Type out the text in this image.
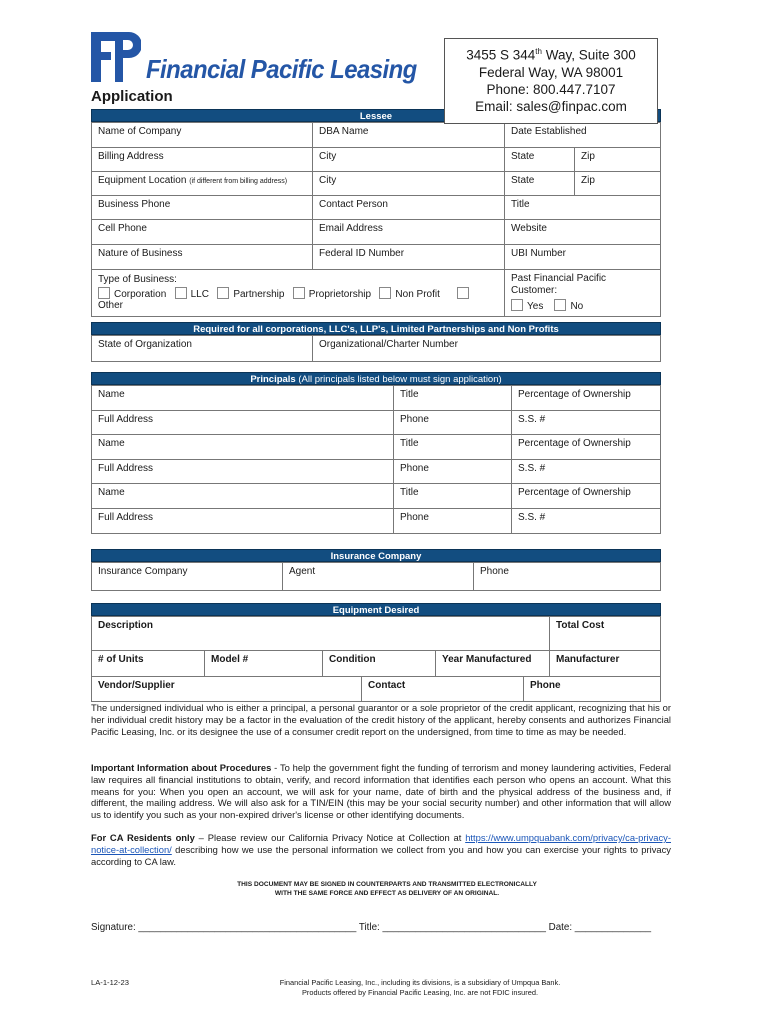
Financial Pacific Leasing
Application
3455 S 344th Way, Suite 300
Federal Way, WA 98001
Phone: 800.447.7107
Email: sales@finpac.com
Lessee
Name of Company	DBA Name	Date Established
Billing Address	City	State	Zip
Equipment Location (if different from billing address)	City	State	Zip
Business Phone	Contact Person	Title
Cell Phone	Email Address	Website
Nature of Business	Federal ID Number	UBI Number
Type of Business:
Corporation LLC Partnership Proprietorship Non Profit
Other
Past Financial Pacific Customer:
Yes	No
Required for all corporations, LLC's, LLP's, Limited Partnerships and Non Profits
State of Organization	Organizational/Charter Number
Principals (All principals listed below must sign application)
Name	Title	Percentage of Ownership
Full Address	Phone	S.S. #
Name	Title	Percentage of Ownership
Full Address	Phone	S.S. #
Name	Title	Percentage of Ownership
Full Address	Phone	S.S. #
Insurance Company
Insurance Company	Agent	Phone
Equipment Desired
Description	Total Cost
# of Units	Model #	Condition	Year Manufactured	Manufacturer
Vendor/Supplier	Contact	Phone
The undersigned individual who is either a principal, a personal guarantor or a sole proprietor of the credit applicant, recognizing that his or her individual credit history may be a factor in the evaluation of the credit history of the applicant, hereby consents and authorizes Financial Pacific Leasing, Inc. or its designee the use of a consumer credit report on the undersigned, from time to time as may be needed.
Important Information about Procedures - To help the government fight the funding of terrorism and money laundering activities, Federal law requires all financial institutions to obtain, verify, and record information that identifies each person who opens an account. What this means for you: When you open an account, we will ask for your name, date of birth and the physical address of the business and, if different, the mailing address. We will also ask for a TIN/EIN (this may be your social security number) and other information that will allow us to identify you such as your non-expired driver's license or other identifying documents.
For CA Residents only – Please review our California Privacy Notice at Collection at https://www.umpquabank.com/privacy/ca-privacy-notice-at-collection/ describing how we use the personal information we collect from you and how you can exercise your rights to privacy according to CA law.
THIS DOCUMENT MAY BE SIGNED IN COUNTERPARTS AND TRANSMITTED ELECTRONICALLY
WITH THE SAME FORCE AND EFFECT AS DELIVERY OF AN ORIGINAL.
Signature: ________________________________________ Title: ______________________________ Date: ______________
LA-1-12-23	Financial Pacific Leasing, Inc., including its divisions, is a subsidiary of Umpqua Bank.
Products offered by Financial Pacific Leasing, Inc. are not FDIC insured.
